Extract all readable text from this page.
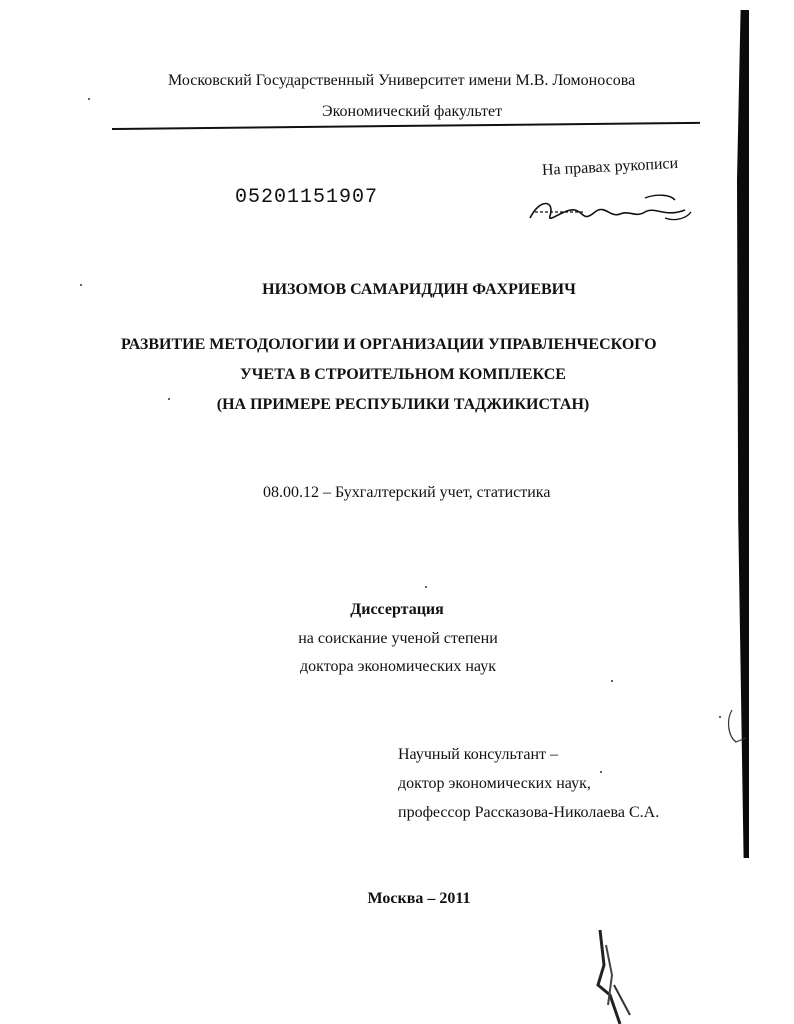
Московский Государственный Университет имени М.В. Ломоносова
Экономический факультет
На правах рукописи
05201151907
НИЗОМОВ САМАРИДДИН ФАХРИЕВИЧ
РАЗВИТИЕ МЕТОДОЛОГИИ И ОРГАНИЗАЦИИ УПРАВЛЕНЧЕСКОГО
УЧЕТА В СТРОИТЕЛЬНОМ КОМПЛЕКСЕ
(НА ПРИМЕРЕ РЕСПУБЛИКИ ТАДЖИКИСТАН)
08.00.12 – Бухгалтерский учет, статистика
Диссертация
на соискание ученой степени
доктора экономических наук
Научный консультант –
доктор экономических наук,
профессор Рассказова-Николаева С.А.
Москва – 2011
